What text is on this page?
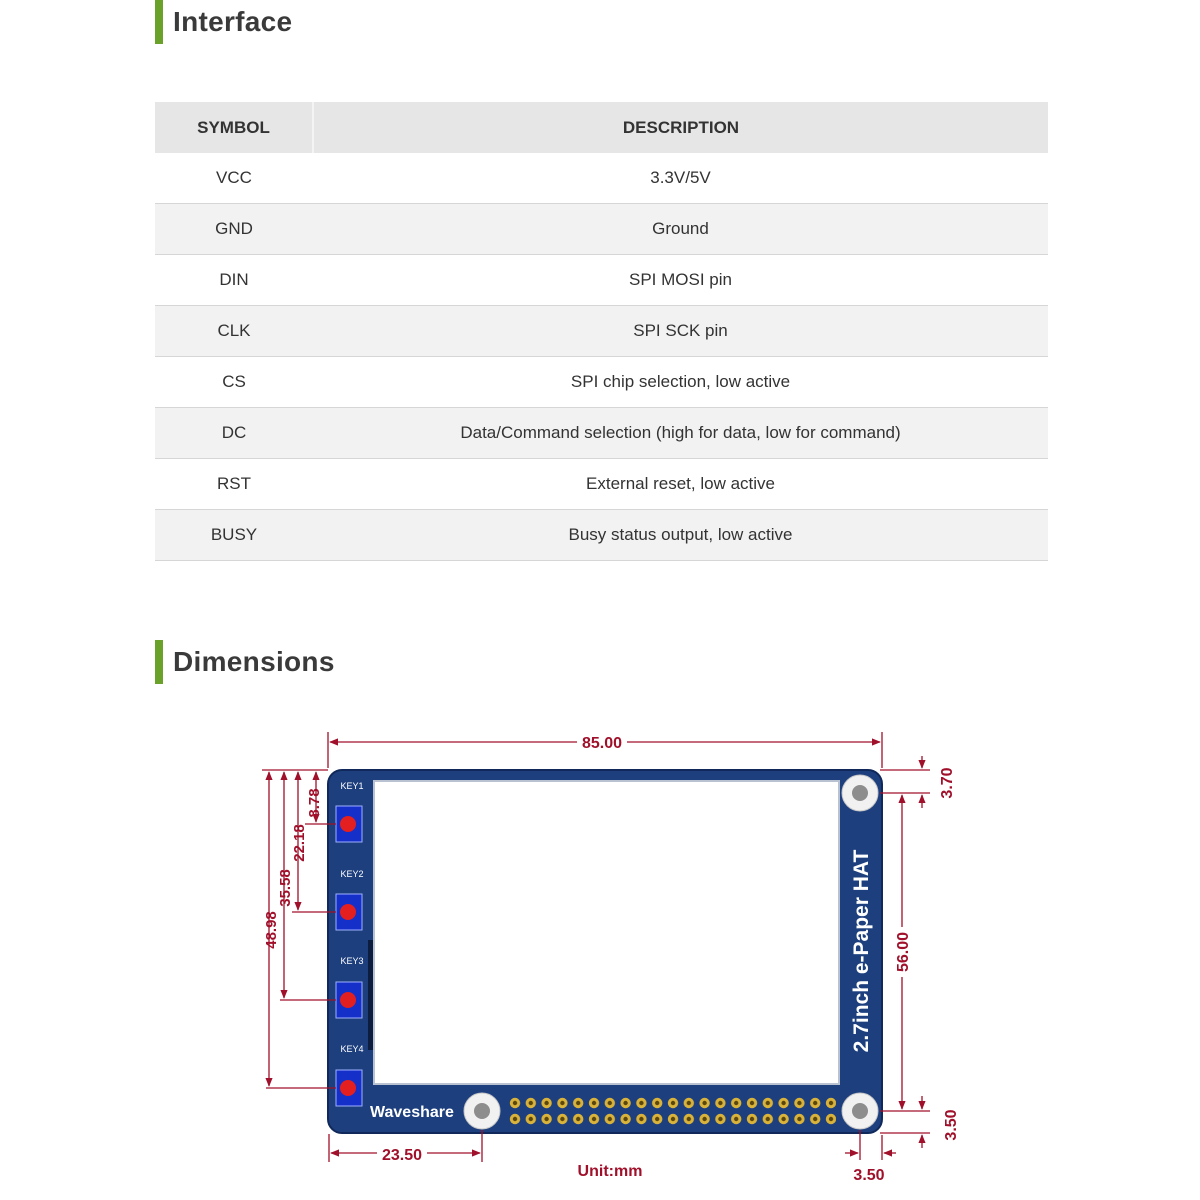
Interface
SYMBOL	DESCRIPTION
VCC	3.3V/5V
GND	Ground
DIN	SPI MOSI pin
CLK	SPI SCK pin
CS	SPI chip selection, low active
DC	Data/Command selection (high for data, low for command)
RST	External reset, low active
BUSY	Busy status output, low active
Dimensions
KEY1
KEY2
KEY3
KEY4
Waveshare
2.7inch e-Paper HAT
85.00
23.50
56.00
3.70
3.50
3.50
8.78
22.18
35.58
48.98
Unit:mm
